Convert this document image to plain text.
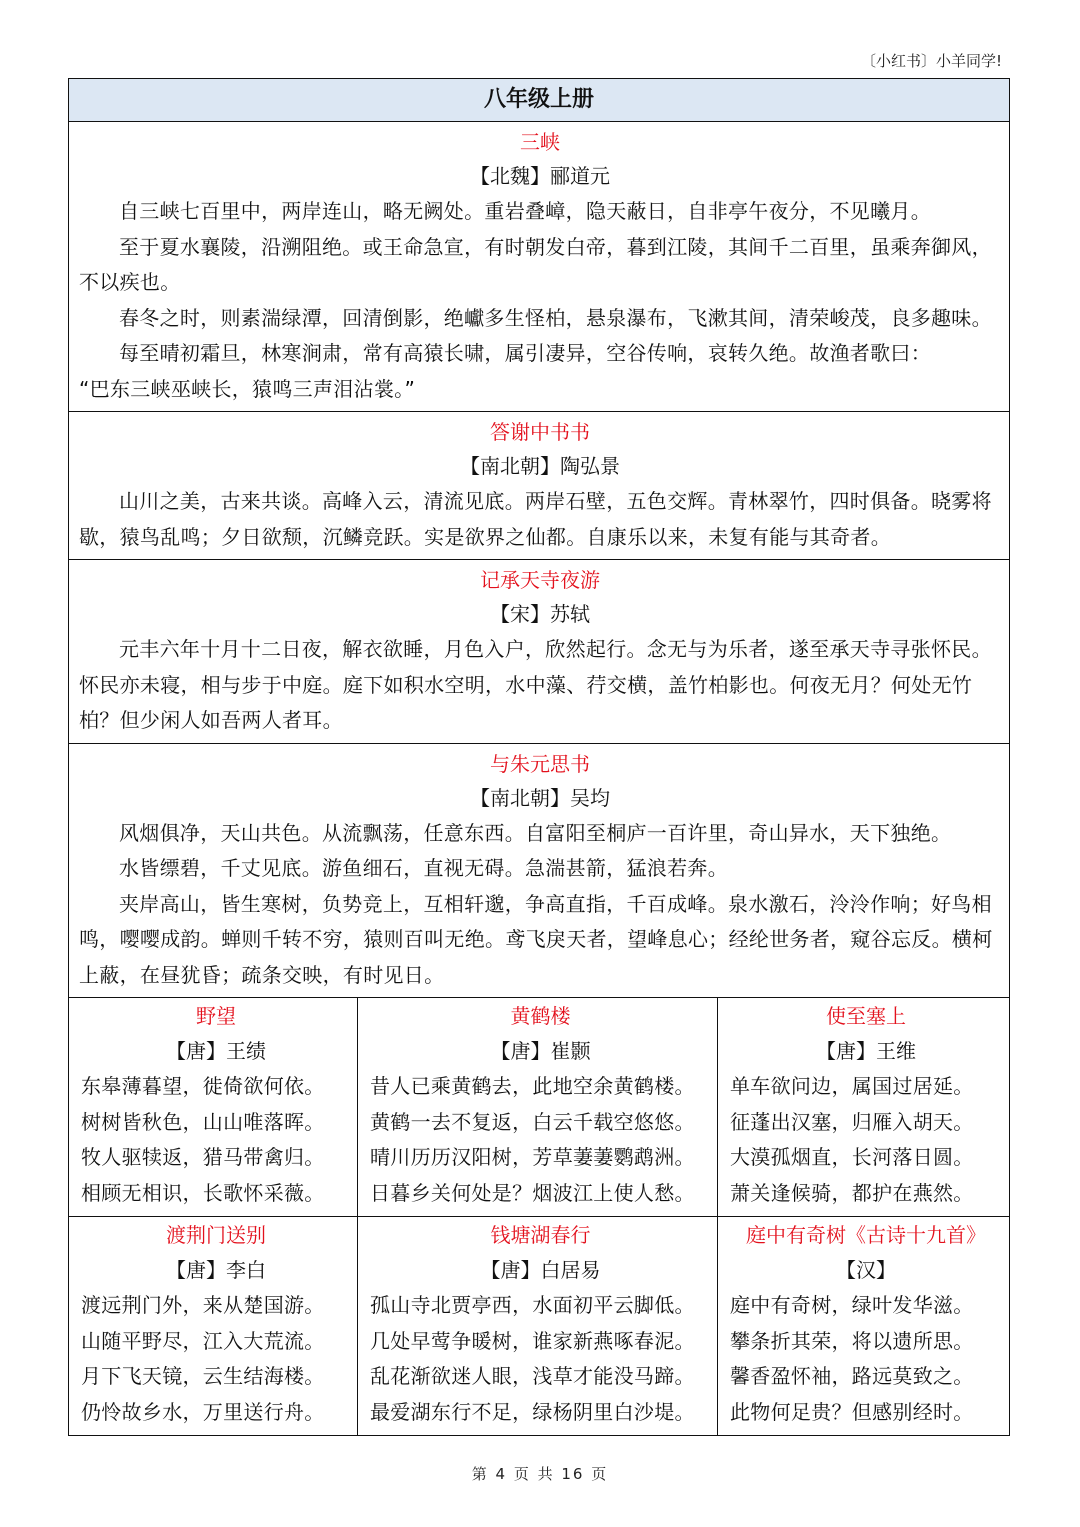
〔小红书〕小羊同学!
八年级上册
三峡
【北魏】郦道元

自三峡七百里中，两岸连山，略无阙处。重岩叠嶂，隐天蔽日，自非亭午夜分，不见曦月。

至于夏水襄陵，沿溯阻绝。或王命急宣，有时朝发白帝，暮到江陵，其间千二百里，虽乘奔御风，不以疾也。

春冬之时，则素湍绿潭，回清倒影，绝巘多生怪柏，悬泉瀑布，飞漱其间，清荣峻茂，良多趣味。

每至晴初霜旦，林寒涧肃，常有高猿长啸，属引凄异，空谷传响，哀转久绝。故渔者歌曰：

“巴东三峡巫峡长，猿鸣三声泪沾裳。”

答谢中书书
【南北朝】陶弘景

山川之美，古来共谈。高峰入云，清流见底。两岸石壁，五色交辉。青林翠竹，四时俱备。晓雾将歇，猿鸟乱鸣；夕日欲颓，沉鳞竞跃。实是欲界之仙都。自康乐以来，未复有能与其奇者。

记承天寺夜游
【宋】苏轼

元丰六年十月十二日夜，解衣欲睡，月色入户，欣然起行。念无与为乐者，遂至承天寺寻张怀民。怀民亦未寝，相与步于中庭。庭下如积水空明，水中藻、荇交横，盖竹柏影也。何夜无月？何处无竹柏？但少闲人如吾两人者耳。

与朱元思书
【南北朝】吴均

风烟俱净，天山共色。从流飘荡，任意东西。自富阳至桐庐一百许里，奇山异水，天下独绝。

水皆缥碧，千丈见底。游鱼细石，直视无碍。急湍甚箭，猛浪若奔。

夹岸高山，皆生寒树，负势竞上，互相轩邈，争高直指，千百成峰。泉水激石，泠泠作响；好鸟相鸣，嘤嘤成韵。蝉则千转不穷，猿则百叫无绝。鸢飞戾天者，望峰息心；经纶世务者，窥谷忘反。横柯上蔽，在昼犹昏；疏条交映，有时见日。

野望
【唐】王绩
东皋薄暮望，徙倚欲何依。
树树皆秋色，山山唯落晖。
牧人驱犊返，猎马带禽归。
相顾无相识，长歌怀采薇。
黄鹤楼
【唐】崔颢
昔人已乘黄鹤去，此地空余黄鹤楼。
黄鹤一去不复返，白云千载空悠悠。
晴川历历汉阳树，芳草萋萋鹦鹉洲。
日暮乡关何处是？烟波江上使人愁。
使至塞上
【唐】王维
单车欲问边，属国过居延。
征蓬出汉塞，归雁入胡天。
大漠孤烟直，长河落日圆。
萧关逢候骑，都护在燕然。
渡荆门送别
【唐】李白
渡远荆门外，来从楚国游。
山随平野尽，江入大荒流。
月下飞天镜，云生结海楼。
仍怜故乡水，万里送行舟。
钱塘湖春行
【唐】白居易
孤山寺北贾亭西，水面初平云脚低。
几处早莺争暖树，谁家新燕啄春泥。
乱花渐欲迷人眼，浅草才能没马蹄。
最爱湖东行不足，绿杨阴里白沙堤。
庭中有奇树《古诗十九首》
【汉】
庭中有奇树，绿叶发华滋。
攀条折其荣，将以遗所思。
馨香盈怀袖，路远莫致之。
此物何足贵？但感别经时。
第 4 页 共 16 页
